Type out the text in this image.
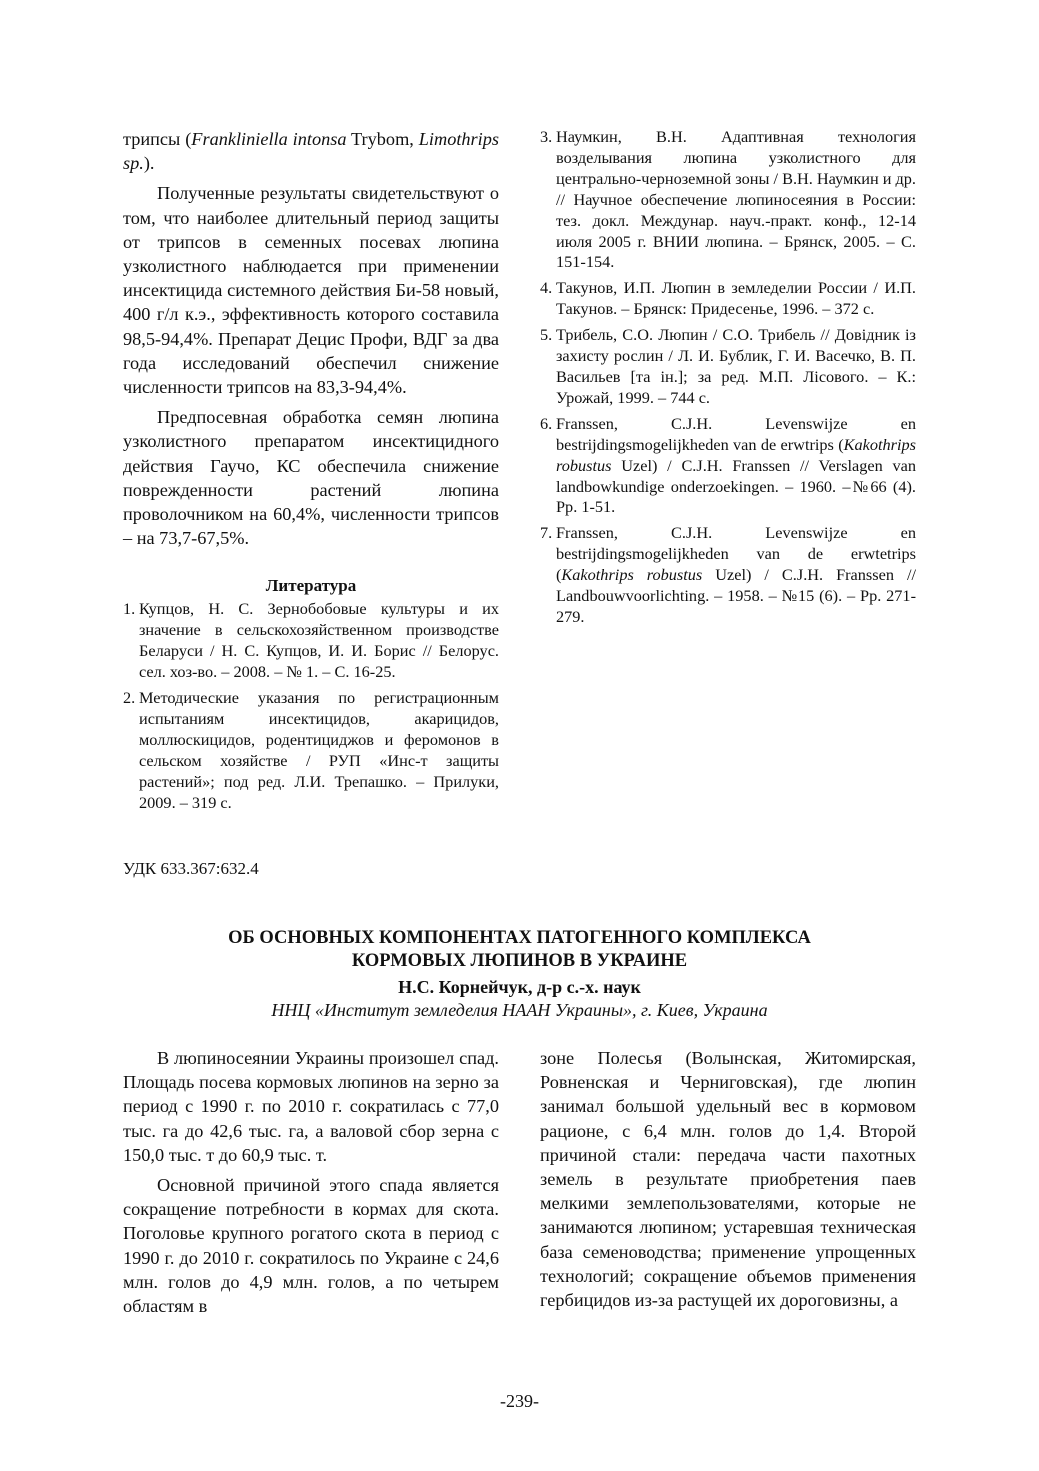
трипсы (Frankliniella intonsa Trybom, Limothrips sp.).

Полученные результаты свидетельствуют о том, что наиболее длительный период защиты от трипсов в семенных посевах люпина узколистного наблюдается при применении инсектицида системного действия Би-58 новый, 400 г/л к.э., эффективность которого составила 98,5-94,4%. Препарат Децис Профи, ВДГ за два года исследований обеспечил снижение численности трипсов на 83,3-94,4%.

Предпосевная обработка семян люпина узколистного препаратом инсектицидного действия Гаучо, КС обеспечила снижение поврежденности растений люпина проволочником на 60,4%, численности трипсов – на 73,7-67,5%.

Литература

1. Купцов, Н. С. Зернобобовые культуры и их значение в сельскохозяйственном производстве Беларуси / Н. С. Купцов, И. И. Борис // Белорус. сел. хоз-во. – 2008. – № 1. – С. 16-25.
2. Методические указания по регистрационным испытаниям инсектицидов, акарицидов, моллюскицидов, родентициджов и феромонов в сельском хозяйстве / РУП «Инс-т защиты растений»; под ред. Л.И. Трепашко. – Прилуки, 2009. – 319 с.
3. Наумкин, В.Н. Адаптивная технология возделывания люпина узколистного для центрально-черноземной зоны / В.Н. Наумкин и др. // Научное обеспечение люпиносеяния в России: тез. докл. Междунар. науч.-практ. конф., 12-14 июля 2005 г. ВНИИ люпина. – Брянск, 2005. – С. 151-154.
4. Такунов, И.П. Люпин в земледелии России / И.П. Такунов. – Брянск: Придесенье, 1996. – 372 с.
5. Трибель, С.О. Люпин / С.О. Трибель // Довідник із захисту рослин / Л. И. Бублик, Г. И. Васечко, В. П. Васильев [та ін.]; за ред. М.П. Лісового. – К.: Урожай, 1999. – 744 с.
6. Franssen, C.J.H. Levenswijze en bestrijdingsmogelijkheden van de erwtrips (Kakothrips robustus Uzel) / C.J.H. Franssen // Verslagen van landbowkundige onderzoekingen. – 1960. –№66 (4). Pp. 1-51.
7. Franssen, C.J.H. Levenswijze en bestrijdingsmogelijkheden van de erwtetrips (Kakothrips robustus Uzel) / C.J.H. Franssen // Landbouwvoorlichting. – 1958. – №15 (6). – Pp. 271-279.
УДК 633.367:632.4
ОБ ОСНОВНЫХ КОМПОНЕНТАХ ПАТОГЕННОГО КОМПЛЕКСА
КОРМОВЫХ ЛЮПИНОВ В УКРАИНЕ
Н.С. Корнейчук, д-р с.-х. наук
ННЦ «Институт земледелия НААН Украины», г. Киев, Украина

В люпиносеянии Украины произошел спад. Площадь посева кормовых люпинов на зерно за период с 1990 г. по 2010 г. сократилась с 77,0 тыс. га до 42,6 тыс. га, а валовой сбор зерна с 150,0 тыс. т до 60,9 тыс. т.

Основной причиной этого спада является сокращение потребности в кормах для скота. Поголовье крупного рогатого скота в период с 1990 г. до 2010 г. сократилось по Украине с 24,6 млн. голов до 4,9 млн. голов, а по четырем областям в

зоне Полесья (Волынская, Житомирская, Ровненская и Черниговская), где люпин занимал большой удельный вес в кормовом рационе, с 6,4 млн. голов до 1,4. Второй причиной стали: передача части пахотных земель в результате приобретения паев мелкими землепользователями, которые не занимаются люпином; устаревшая техническая база семеноводства; применение упрощенных технологий; сокращение объемов применения гербицидов из-за растущей их дороговизны, а

-239-
